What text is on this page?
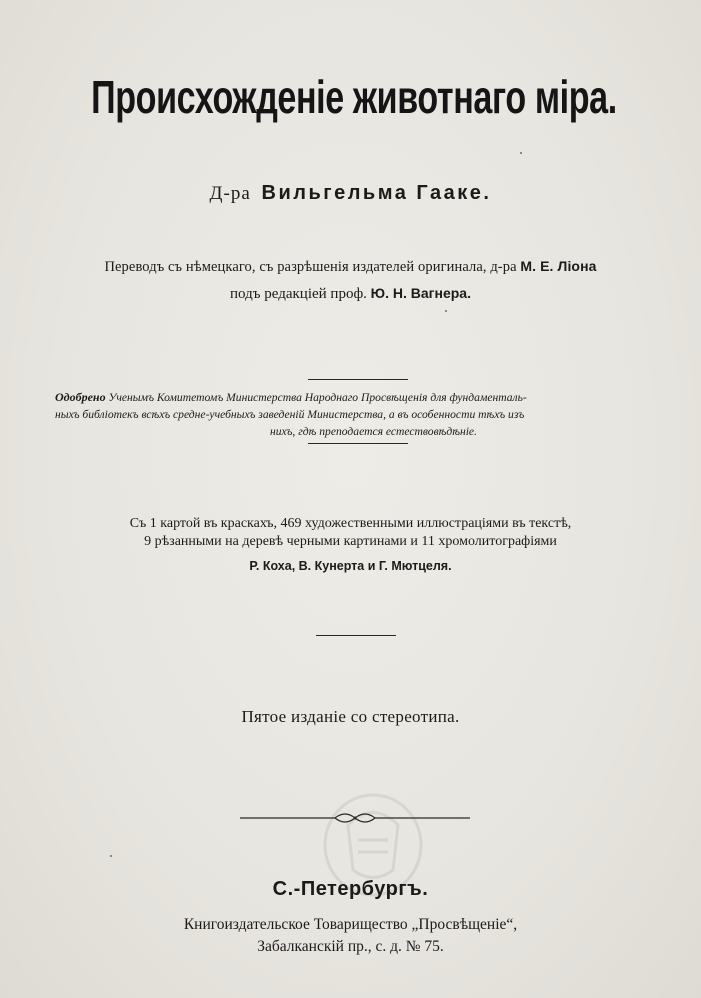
Происхожденіе животнаго міра.
Д-ра Вильгельма Гааке.
Переводъ съ нѣмецкаго, съ разрѣшенія издателей оригинала, д-ра М. Е. Ліона
подъ редакціей проф. Ю. Н. Вагнера.
Одобрено Ученымъ Комитетомъ Министерства Народнаго Просвѣщенія для фундаменталь-
ныхъ библіотекъ всѣхъ средне-учебныхъ заведеній Министерства, а въ особенности тѣхъ изъ
нихъ, гдѣ преподается естествовѣдѣніе.
Съ 1 картой въ краскахъ, 469 художественными иллюстраціями въ текстѣ,
9 рѣзанными на деревѣ черными картинами и 11 хромолитографіями
Р. Коха, В. Кунерта и Г. Мютцеля.
Пятое изданіе со стереотипа.
С.-Петербургъ.
Книгоиздательское Товарищество „Просвѣщеніе“,
Забалканскій пр., с. д. № 75.
